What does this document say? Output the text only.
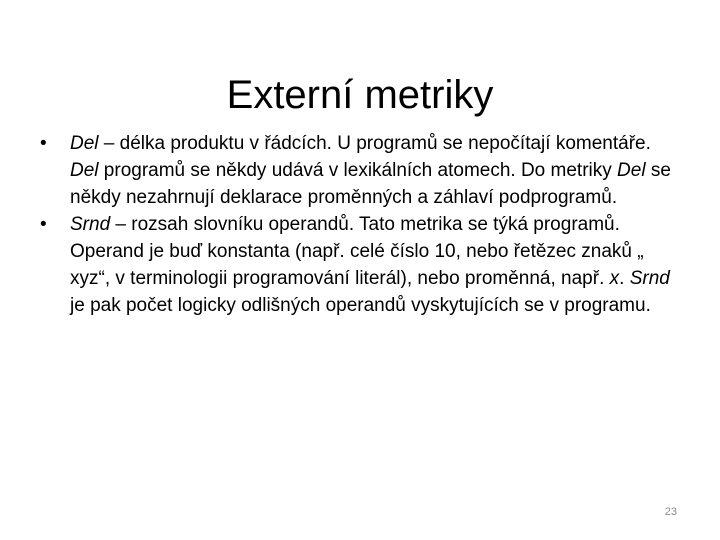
Externí metriky
• Del – délka produktu v řádcích. U programů se nepočítají komentáře. Del programů se někdy udává v lexikálních atomech. Do metriky Del se někdy nezahrnují deklarace proměnných a záhlaví podprogramů.
• Srnd – rozsah slovníku operandů. Tato metrika se týká programů. Operand je buď konstanta (např. celé číslo 10, nebo řetězec znaků „ xyz“, v terminologii programování literál), nebo proměnná, např. x. Srnd je pak počet logicky odlišných operandů vyskytujících se v programu.
23
